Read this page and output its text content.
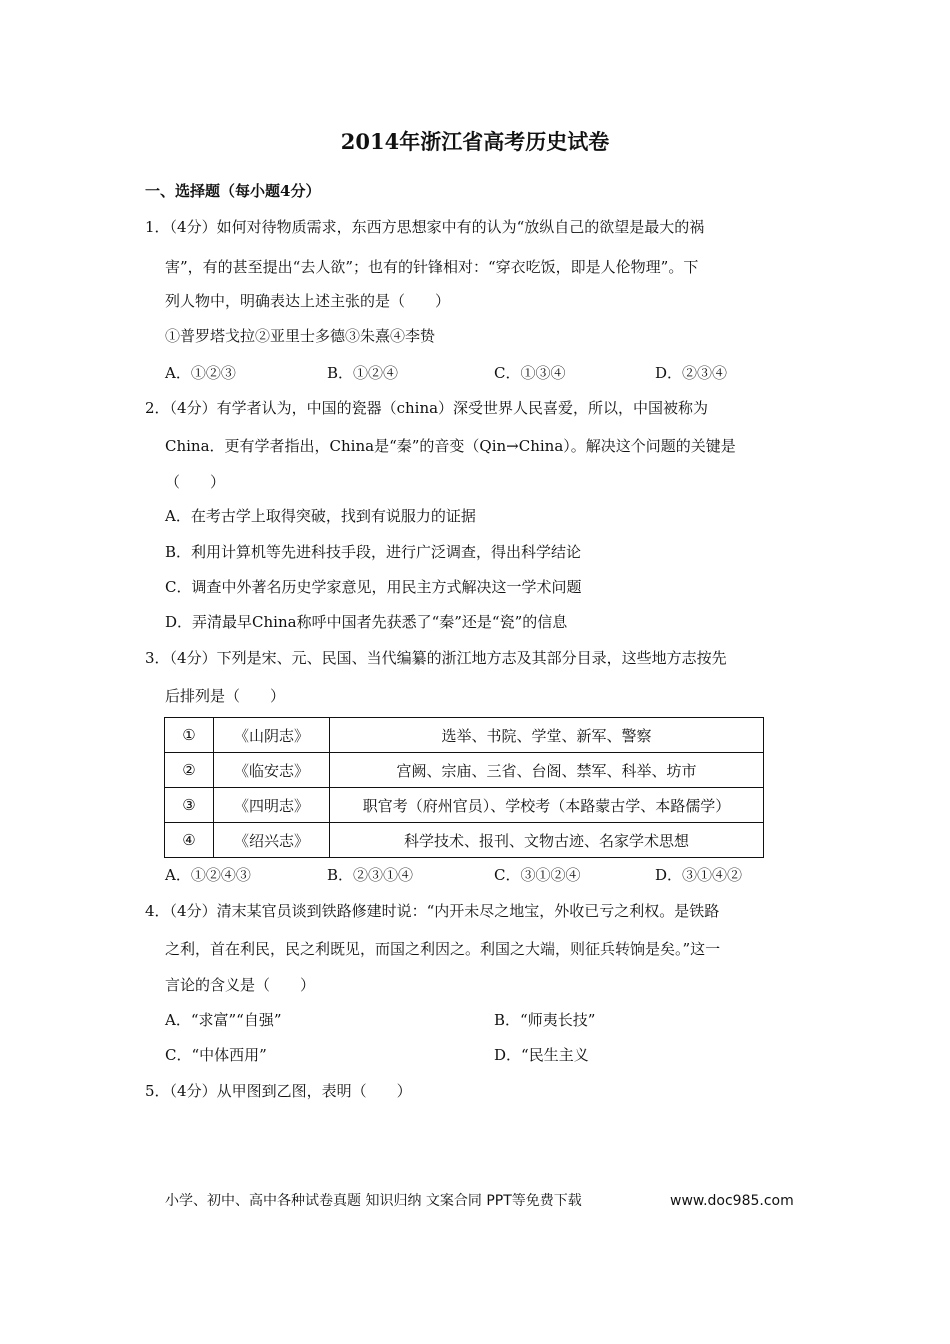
2014年浙江省高考历史试卷
一、选择题（每小题4分）
1．（4分）如何对待物质需求，东西方思想家中有的认为“放纵自己的欲望是最大的祸
害”，有的甚至提出“去人欲”；也有的针锋相对：“穿衣吃饭，即是人伦物理”。下
列人物中，明确表达上述主张的是（　　）
①普罗塔戈拉②亚里士多德③朱熹④李贽
A．①②③	B．①②④	C．①③④	D．②③④
2．（4分）有学者认为，中国的瓷器（china）深受世界人民喜爱，所以，中国被称为
China．更有学者指出，China是“秦”的音变（Qin→China）。解决这个问题的关键是
（　　）
A．在考古学上取得突破，找到有说服力的证据
B．利用计算机等先进科技手段，进行广泛调查，得出科学结论
C．调查中外著名历史学家意见，用民主方式解决这一学术问题
D．弄清最早China称呼中国者先获悉了“秦”还是“瓷”的信息
3．（4分）下列是宋、元、民国、当代编纂的浙江地方志及其部分目录，这些地方志按先
后排列是（　　）
①	《山阴志》	选举、书院、学堂、新军、警察
②	《临安志》	宫阙、宗庙、三省、台阁、禁军、科举、坊市
③	《四明志》	职官考（府州官员）、学校考（本路蒙古学、本路儒学）
④	《绍兴志》	科学技术、报刊、文物古迹、名家学术思想
A．①②④③	B．②③①④	C．③①②④	D．③①④②
4．（4分）清末某官员谈到铁路修建时说：“内开未尽之地宝，外收已亏之利权。是铁路
之利，首在利民，民之利既见，而国之利因之。利国之大端，则征兵转饷是矣。”这一
言论的含义是（　　）
A．“求富”“自强”	B．“师夷长技”
C．“中体西用”	D．“民生主义
5．（4分）从甲图到乙图，表明（　　）
小学、初中、高中各种试卷真题 知识归纳 文案合同 PPT等免费下载	www.doc985.com
